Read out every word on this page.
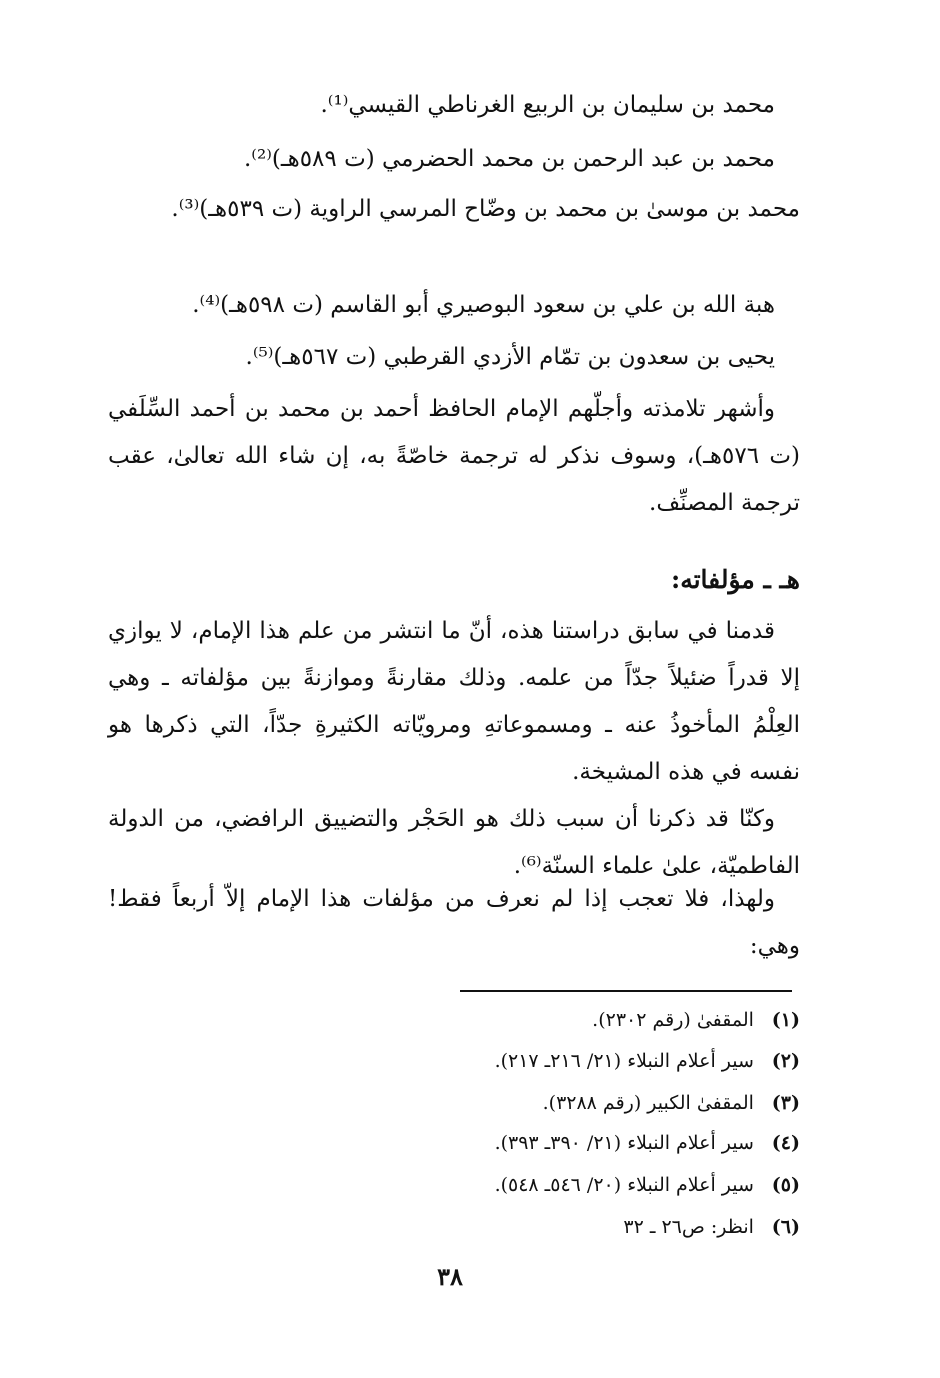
محمد بن سليمان بن الربيع الغرناطي القيسي⁽¹⁾.

محمد بن عبد الرحمن بن محمد الحضرمي (ت ٥٨٩هـ)⁽²⁾.

محمد بن موسىٰ بن محمد بن وضّاح المرسي الراوية (ت ٥٣٩هـ)⁽³⁾.

هبة الله بن علي بن سعود البوصيري أبو القاسم (ت ٥٩٨هـ)⁽⁴⁾.

يحيى بن سعدون بن تمّام الأزدي القرطبي (ت ٥٦٧هـ)⁽⁵⁾.

وأشهر تلامذته وأجلّهم الإمام الحافظ أحمد بن محمد بن أحمد السِّلَفي (ت ٥٧٦هـ)، وسوف نذكر له ترجمة خاصّةً به، إن شاء الله تعالىٰ، عقب ترجمة المصنِّف.

هـ ـ مؤلفاته:

قدمنا في سابق دراستنا هذه، أنّ ما انتشر من علم هذا الإمام، لا يوازي إلا قدراً ضئيلاً جدّاً من علمه. وذلك مقارنةً وموازنةً بين مؤلفاته ـ وهي العِلْمُ المأخوذُ عنه ـ ومسموعاتهِ ومرويّاته الكثيرةِ جدّاً، التي ذكرها هو نفسه في هذه المشيخة.

وكنّا قد ذكرنا أن سبب ذلك هو الحَجْر والتضييق الرافضي، من الدولة الفاطميّة، علىٰ علماء السنّة⁽⁶⁾.

ولهذا، فلا تعجب إذا لم نعرف من مؤلفات هذا الإمام إلاّ أربعاً فقط! وهي:

(١) المقفىٰ (رقم ٢٣٠٢).

(٢) سير أعلام النبلاء (٢١/ ٢١٦ـ ٢١٧).

(٣) المقفىٰ الكبير (رقم ٣٢٨٨).

(٤) سير أعلام النبلاء (٢١/ ٣٩٠ـ ٣٩٣).

(٥) سير أعلام النبلاء (٢٠/ ٥٤٦ـ ٥٤٨).

(٦) انظر: ص٢٦ ـ ٣٢

٣٨
